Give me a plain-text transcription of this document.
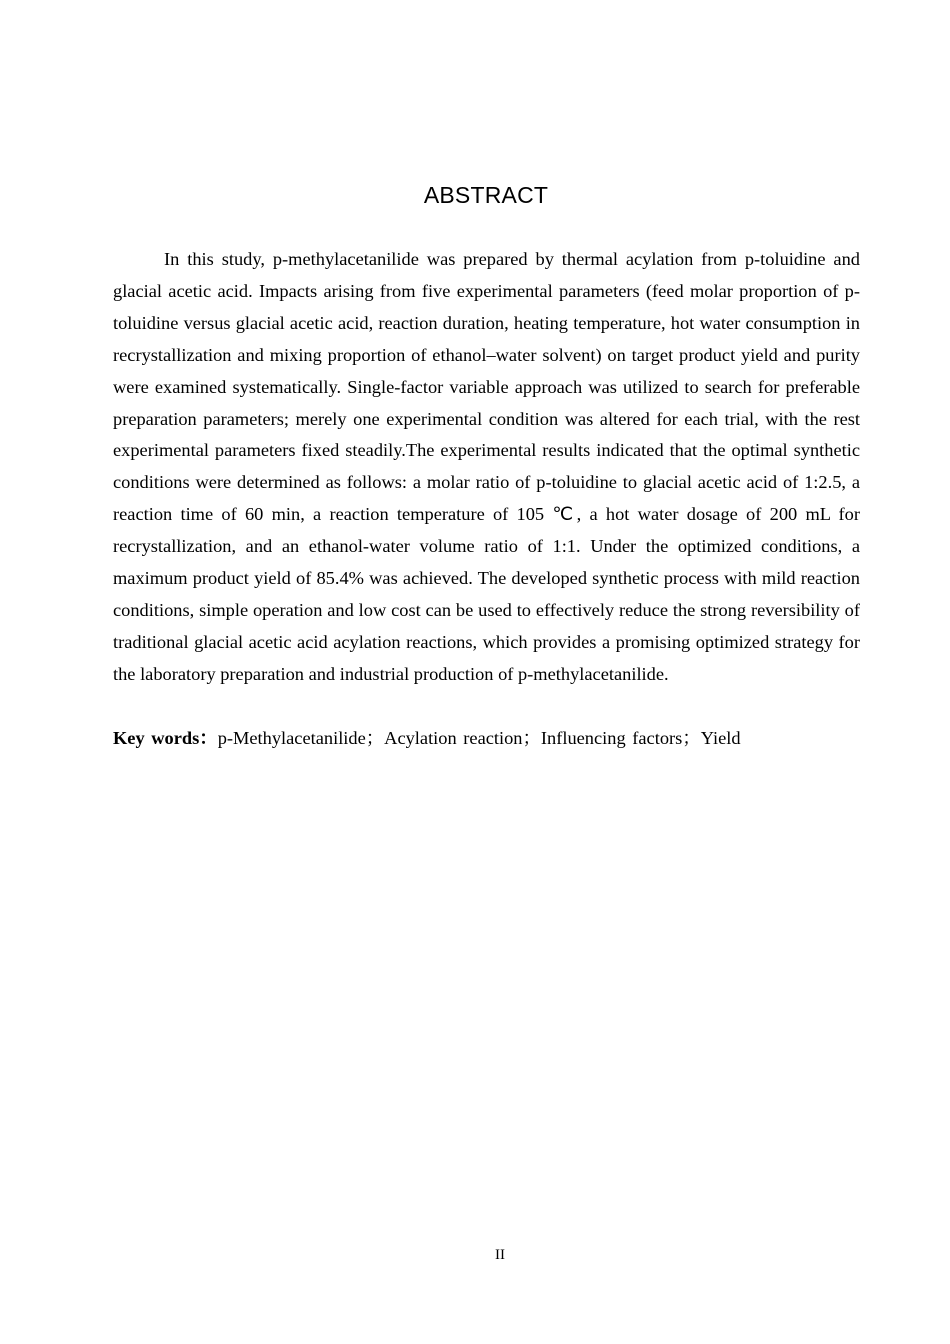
ABSTRACT

In this study, p-methylacetanilide was prepared by thermal acylation from p-toluidine and glacial acetic acid. Impacts arising from five experimental parameters (feed molar proportion of p-toluidine versus glacial acetic acid, reaction duration, heating temperature, hot water consumption in recrystallization and mixing proportion of ethanol–water solvent) on target product yield and purity were examined systematically. Single-factor variable approach was utilized to search for preferable preparation parameters; merely one experimental condition was altered for each trial, with the rest experimental parameters fixed steadily.The experimental results indicated that the optimal synthetic conditions were determined as follows: a molar ratio of p-toluidine to glacial acetic acid of 1:2.5, a reaction time of 60 min, a reaction temperature of 105 ℃, a hot water dosage of 200 mL for recrystallization, and an ethanol-water volume ratio of 1:1. Under the optimized conditions, a maximum product yield of 85.4% was achieved. The developed synthetic process with mild reaction conditions, simple operation and low cost can be used to effectively reduce the strong reversibility of traditional glacial acetic acid acylation reactions, which provides a promising optimized strategy for the laboratory preparation and industrial production of p-methylacetanilide.

Key words：p-Methylacetanilide；Acylation reaction；Influencing factors；Yield

II
